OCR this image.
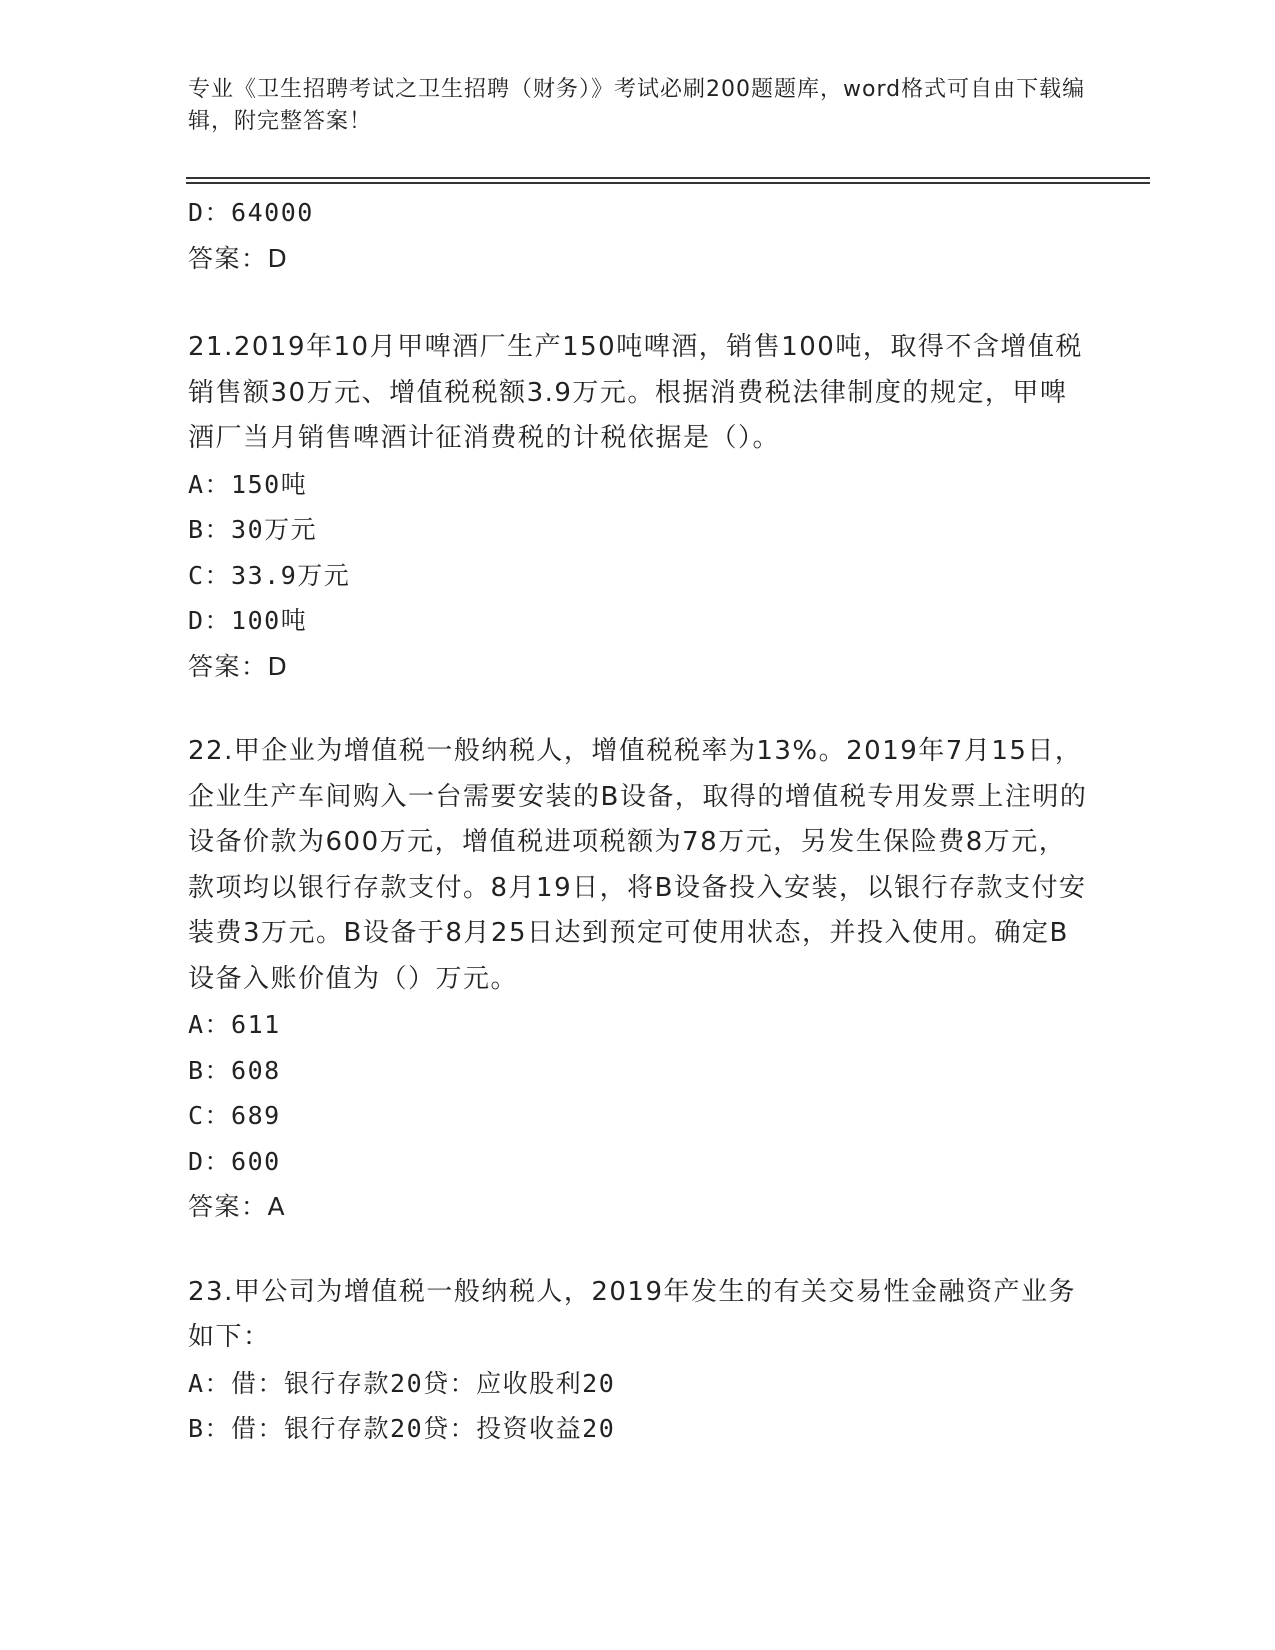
专业《卫生招聘考试之卫生招聘（财务）》考试必刷200题题库，word格式可自由下载编辑，附完整答案！
D：64000
答案：D
21.2019年10月甲啤酒厂生产150吨啤酒，销售100吨，取得不含增值税销售额30万元、增值税税额3.9万元。根据消费税法律制度的规定，甲啤酒厂当月销售啤酒计征消费税的计税依据是（）。
A：150吨
B：30万元
C：33.9万元
D：100吨
答案：D
22.甲企业为增值税一般纳税人，增值税税率为13%。2019年7月15日，企业生产车间购入一台需要安装的B设备，取得的增值税专用发票上注明的设备价款为600万元，增值税进项税额为78万元，另发生保险费8万元，款项均以银行存款支付。8月19日，将B设备投入安装，以银行存款支付安装费3万元。B设备于8月25日达到预定可使用状态，并投入使用。确定B设备入账价值为（）万元。
A：611
B：608
C：689
D：600
答案：A
23.甲公司为增值税一般纳税人，2019年发生的有关交易性金融资产业务如下：
A：借：银行存款20贷：应收股利20
B：借：银行存款20贷：投资收益20
